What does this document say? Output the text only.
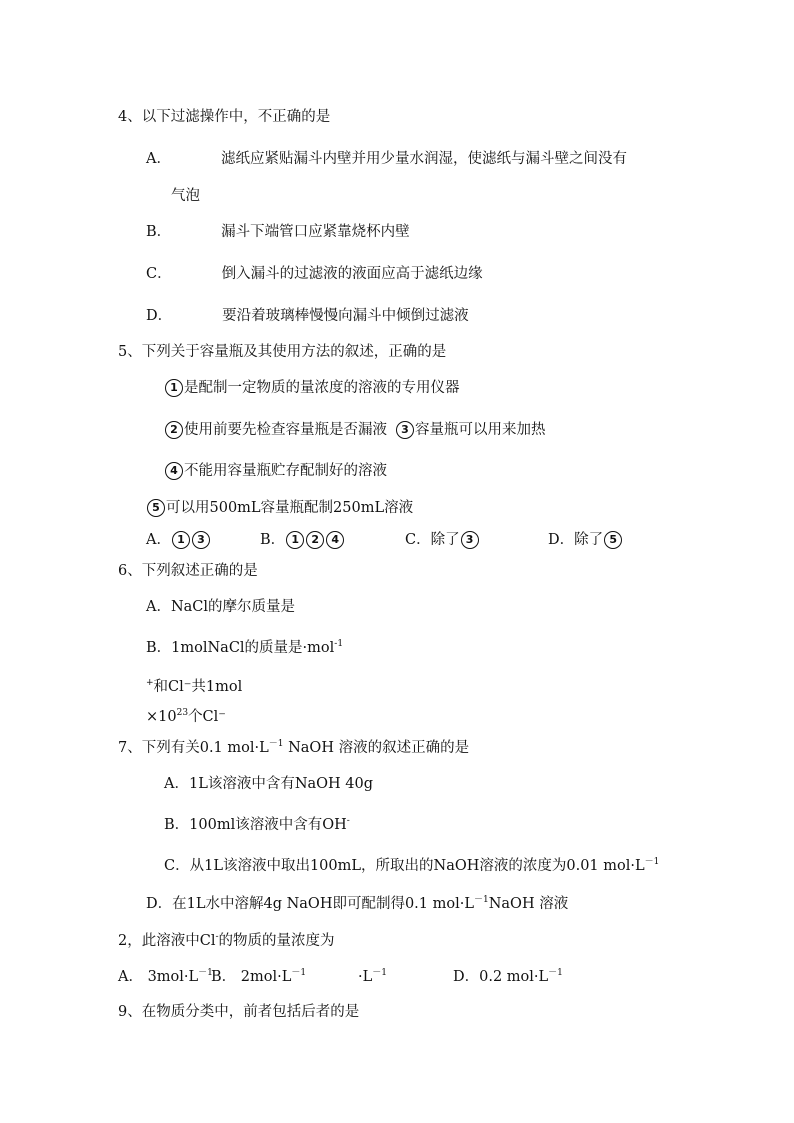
4、以下过滤操作中，不正确的是
A．	滤纸应紧贴漏斗内壁并用少量水润湿，使滤纸与漏斗壁之间没有
气泡
B．	漏斗下端管口应紧靠烧杯内壁
C．	倒入漏斗的过滤液的液面应高于滤纸边缘
D．	要沿着玻璃棒慢慢向漏斗中倾倒过滤液
5、下列关于容量瓶及其使用方法的叙述，正确的是
1 是配制一定物质的量浓度的溶液的专用仪器
2 使用前要先检查容量瓶是否漏液 3 容量瓶可以用来加热
4 不能用容量瓶贮存配制好的溶液
5 可以用500mL容量瓶配制250mL溶液
A． 1 3	B． 1 2 4	C．除了 3	D．除了 5
6、下列叙述正确的是
A．NaCl的摩尔质量是
B．1molNaCl的质量是·mol$^{-1}$
+和Cl⁻共1mol
$\times 10^{23}$个Cl⁻
7、下列有关0.1 $mol\cdot L^{-1}$ NaOH 溶液的叙述正确的是
A．1L该溶液中含有NaOH 40g
B．100ml该溶液中含有OH-
C．从1L该溶液中取出100mL，所取出的NaOH溶液的浓度为0.01 $mol\cdot L^{-1}$
D．在1L水中溶解4g NaOH即可配制得0.1 $mol\cdot L^{-1}NaOH$ 溶液
2，此溶液中Cl-的物质的量浓度为
A． $3mol\cdot L^{-1}$
B． $2mol\cdot L^{-1}$	$\cdot L^{-1}$	D．0.2 $mol\cdot L^{-1}$
9、在物质分类中，前者包括后者的是
